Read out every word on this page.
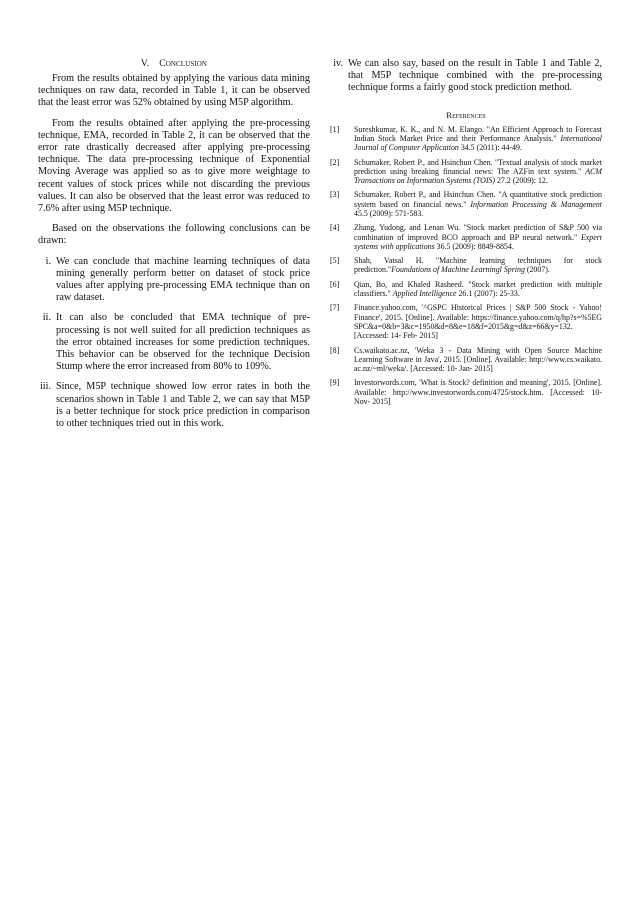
V. Conclusion

From the results obtained by applying the various data mining techniques on raw data, recorded in Table 1, it can be observed that the least error was 52% obtained by using M5P algorithm.

From the results obtained after applying the pre-processing technique, EMA, recorded in Table 2, it can be observed that the error rate drastically decreased after applying pre-processing technique. The data pre-processing technique of Exponential Moving Average was applied so as to give more weightage to recent values of stock prices while not discarding the previous values. It can also be observed that the least error was reduced to 7.6% after using M5P technique.

Based on the observations the following conclusions can be drawn:

i. We can conclude that machine learning techniques of data mining generally perform better on dataset of stock price values after applying pre-processing EMA technique than on raw dataset.
ii. It can also be concluded that EMA technique of pre-processing is not well suited for all prediction techniques as the error obtained increases for some prediction techniques. This behavior can be observed for the technique Decision Stump where the error increased from 80% to 109%.
iii. Since, M5P technique showed low error rates in both the scenarios shown in Table 1 and Table 2, we can say that M5P is a better technique for stock price prediction in comparison to other techniques tried out in this work.
iv. We can also say, based on the result in Table 1 and Table 2, that M5P technique combined with the pre-processing technique forms a fairly good stock prediction method.
References
[1]	Sureshkumar, K. K., and N. M. Elango. "An Efficient Approach to Forecast Indian Stock Market Price and their Performance Analysis." International Journal of Computer Application 34.5 (2011): 44-49.
[2]	Schumaker, Robert P., and Hsinchun Chen. "Textual analysis of stock market prediction using breaking financial news: The AZFin text system." ACM Transactions on Information Systems (TOIS) 27.2 (2009): 12.
[3]	Schumaker, Robert P., and Hsinchun Chen. "A quantitative stock prediction system based on financial news." Information Processing & Management 45.5 (2009): 571-583.
[4]	Zhang, Yudong, and Lenan Wu. "Stock market prediction of S&P 500 via combination of improved BCO approach and BP neural network." Expert systems with applications 36.5 (2009): 8849-8854.
[5]	Shah, Vatsal H. "Machine learning techniques for stock prediction."Foundations of Machine Learningl Spring (2007).
[6]	Qian, Bo, and Khaled Rasheed. "Stock market prediction with multiple classifiers." Applied Intelligence 26.1 (2007): 25-33.
[7]	Finance.yahoo.com, '^GSPC Historical Prices | S&P 500 Stock - Yahoo! Finance', 2015. [Online]. Available: https://finance.yahoo.com/q/hp?s=%5EGSPC&a=0&b=3&c=1950&d=8&e=18&f=2015&g=d&z=66&y=132. [Accessed: 14- Feb- 2015]
[8]	Cs.waikato.ac.nz, 'Weka 3 - Data Mining with Open Source Machine Learning Software in Java', 2015. [Online]. Available: http://www.cs.waikato.ac.nz/~ml/weka/. [Accessed: 10- Jan- 2015]
[9]	Investorwords.com, 'What is Stock? definition and meaning', 2015. [Online]. Available: http://www.investorwords.com/4725/stock.htm. [Accessed: 10- Nov- 2015]
